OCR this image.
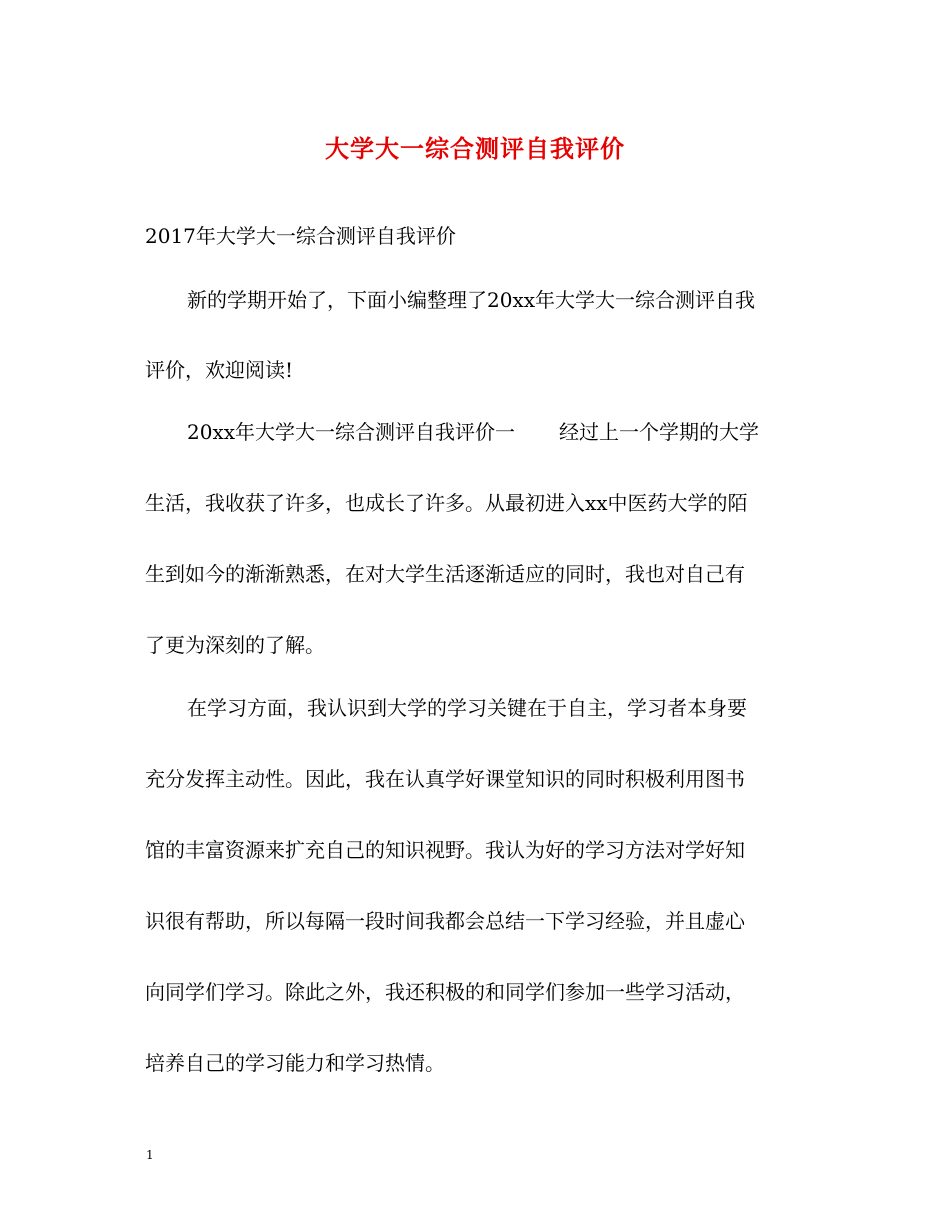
大学大一综合测评自我评价
2017年大学大一综合测评自我评价
新的学期开始了，下面小编整理了20xx年大学大一综合测评自我
评价，欢迎阅读!
20xx年大学大一综合测评自我评价一 经过上一个学期的大学
生活，我收获了许多，也成长了许多。从最初进入xx中医药大学的陌
生到如今的渐渐熟悉，在对大学生活逐渐适应的同时，我也对自己有
了更为深刻的了解。
在学习方面，我认识到大学的学习关键在于自主，学习者本身要
充分发挥主动性。因此，我在认真学好课堂知识的同时积极利用图书
馆的丰富资源来扩充自己的知识视野。我认为好的学习方法对学好知
识很有帮助，所以每隔一段时间我都会总结一下学习经验，并且虚心
向同学们学习。除此之外，我还积极的和同学们参加一些学习活动，
培养自己的学习能力和学习热情。
1
